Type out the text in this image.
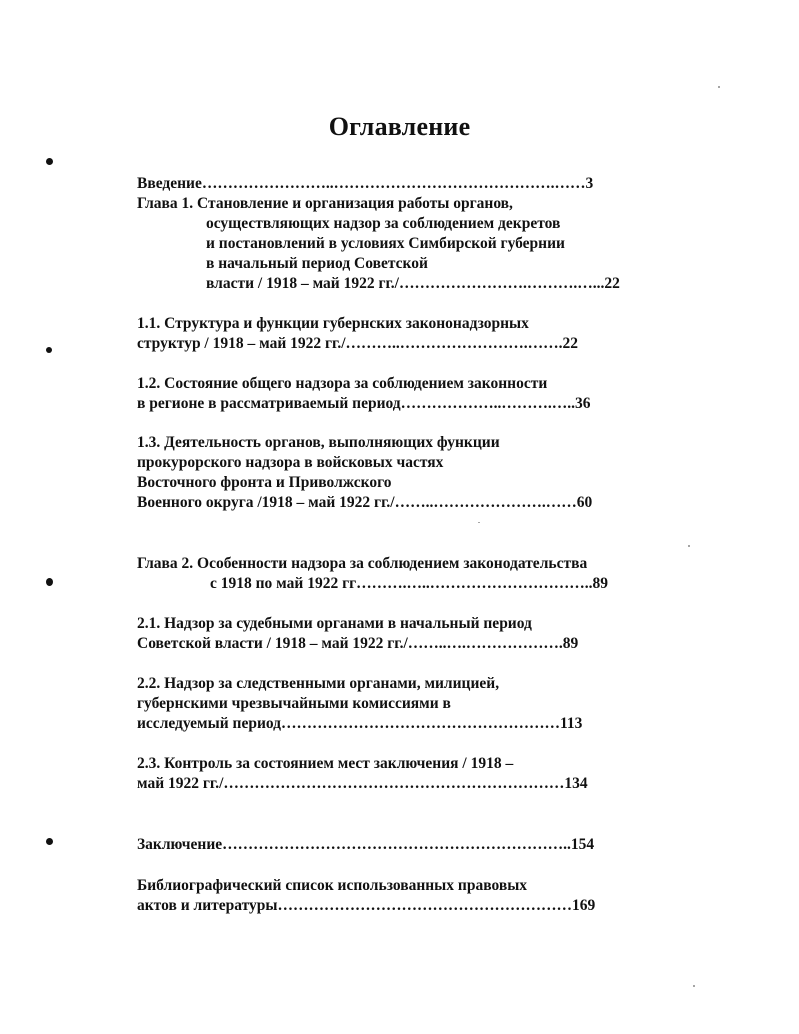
Оглавление
Введение……………………..…………………………………….……3
Глава 1. Становление и организация работы органов,
осуществляющих надзор за соблюдением декретов
и постановлений в условиях Симбирской губернии
в начальный период Советской
власти / 1918 – май 1922 гг./…………………….……….…...22
1.1. Структура и функции губернских закононадзорных
структур / 1918 – май 1922 гг./………..…………………….…….22
1.2. Состояние общего надзора за соблюдением законности
в регионе в рассматриваемый период………………..……….…..36
1.3. Деятельность органов, выполняющих функции
прокурорского надзора в войсковых частях
Восточного фронта и Приволжского
Военного округа /1918 – май 1922 гг./……..………………….……60
Глава 2. Особенности надзора за соблюдением законодательства
с 1918 по май 1922 гг……….…..…………………………..89
2.1. Надзор за судебными органами в начальный период
Советской власти / 1918 – май 1922 гг./……..….……………….89
2.2. Надзор за следственными органами, милицией,
губернскими чрезвычайными комиссиями в
исследуемый период………………………………………………113
2.3. Контроль за состоянием мест заключения / 1918 –
май 1922 гг./…………………………………………………………134
Заключение…………………………………………………………..154
Библиографический список использованных правовых
актов и литературы…………………………………………………169
